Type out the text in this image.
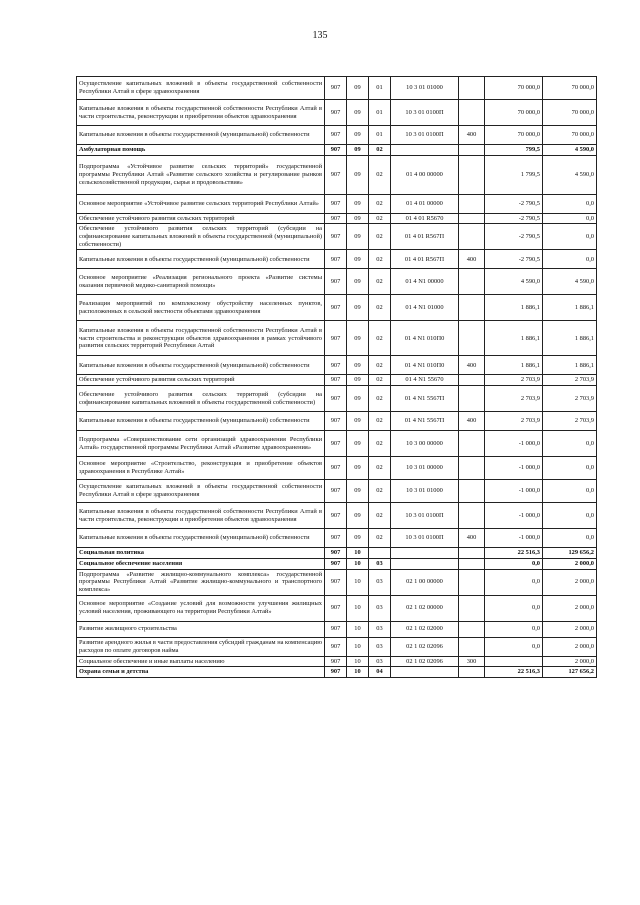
135
Осуществление капитальных вложений в объекты государственной собственности Республики Алтай в сфере здравоохранения	907	09	01	10 3 01 01000		70 000,0	70 000,0
Капитальные вложения в объекты государственной собственности Республики Алтай в части строительства, реконструкции и приобретения объектов здравоохранения	907	09	01	10 3 01 0100П		70 000,0	70 000,0
Капитальные вложения в объекты государственной (муниципальной) собственности	907	09	01	10 3 01 0100П	400	70 000,0	70 000,0
Амбулаторная помощь	907	09	02			799,5	4 590,0
Подпрограмма «Устойчивое развитие сельских территорий» государственной программы Республики Алтай «Развитие сельского хозяйства и регулирование рынков сельскохозяйственной продукции, сырья и продовольствия»	907	09	02	01 4 00 00000		1 799,5	4 590,0
Основное мероприятие «Устойчивое развитие сельских территорий Республики Алтай»	907	09	02	01 4 01 00000		-2 790,5	0,0
Обеспечение устойчивого развития сельских территорий	907	09	02	01 4 01 R5670		-2 790,5	0,0
Обеспечение устойчивого развития сельских территорий (субсидии на софинансирование капитальных вложений в объекты государственной (муниципальной) собственности)	907	09	02	01 4 01 R567П		-2 790,5	0,0
Капитальные вложения в объекты государственной (муниципальной) собственности	907	09	02	01 4 01 R567П	400	-2 790,5	0,0
Основное мероприятие «Реализация регионального проекта «Развитие системы оказания первичной медико-санитарной помощи»	907	09	02	01 4 N1 00000		4 590,0	4 590,0
Реализация мероприятий по комплексному обустройству населенных пунктов, расположенных в сельской местности объектами здравоохранения	907	09	02	01 4 N1 01000		1 886,1	1 886,1
Капитальные вложения в объекты государственной собственности Республики Алтай в части строительства и реконструкции объектов здравоохранения в рамках устойчивого развития сельских территорий Республики Алтай	907	09	02	01 4 N1 010П0		1 886,1	1 886,1
Капитальные вложения в объекты государственной (муниципальной) собственности	907	09	02	01 4 N1 010П0	400	1 886,1	1 886,1
Обеспечение устойчивого развития сельских территорий	907	09	02	01 4 N1 55670		2 703,9	2 703,9
Обеспечение устойчивого развития сельских территорий (субсидии на софинансирование капитальных вложений в объекты государственной собственности)	907	09	02	01 4 N1 5567П		2 703,9	2 703,9
Капитальные вложения в объекты государственной (муниципальной) собственности	907	09	02	01 4 N1 5567П	400	2 703,9	2 703,9
Подпрограмма «Совершенствование сети организаций здравоохранения Республики Алтай» государственной программы Республики Алтай «Развитие здравоохранения»	907	09	02	10 3 00 00000		-1 000,0	0,0
Основное мероприятие «Строительство, реконструкция и приобретение объектов здравоохранения в Республике Алтай»	907	09	02	10 3 01 00000		-1 000,0	0,0
Осуществление капитальных вложений в объекты государственной собственности Республики Алтай в сфере здравоохранения	907	09	02	10 3 01 01000		-1 000,0	0,0
Капитальные вложения в объекты государственной собственности Республики Алтай в части строительства, реконструкции и приобретения объектов здравоохранения	907	09	02	10 3 01 0100П		-1 000,0	0,0
Капитальные вложения в объекты государственной (муниципальной) собственности	907	09	02	10 3 01 0100П	400	-1 000,0	0,0
Социальная политика	907	10				22 516,3	129 656,2
Социальное обеспечение населения	907	10	03			0,0	2 000,0
Подпрограмма «Развитие жилищно-коммунального комплекса» государственной программы Республики Алтай «Развитие жилищно-коммунального и транспортного комплекса»	907	10	03	02 1 00 00000		0,0	2 000,0
Основное мероприятие «Создание условий для возможности улучшения жилищных условий населения, проживающего на территории Республики Алтай»	907	10	03	02 1 02 00000		0,0	2 000,0
Развитие жилищного строительства	907	10	03	02 1 02 02000		0,0	2 000,0
Развитие арендного жилья в части предоставления субсидий гражданам на компенсацию расходов по оплате договоров найма	907	10	03	02 1 02 02096		0,0	2 000,0
Социальное обеспечение и иные выплаты населению	907	10	03	02 1 02 02096	300		2 000,0
Охрана семьи и детства	907	10	04			22 516,3	127 656,2
